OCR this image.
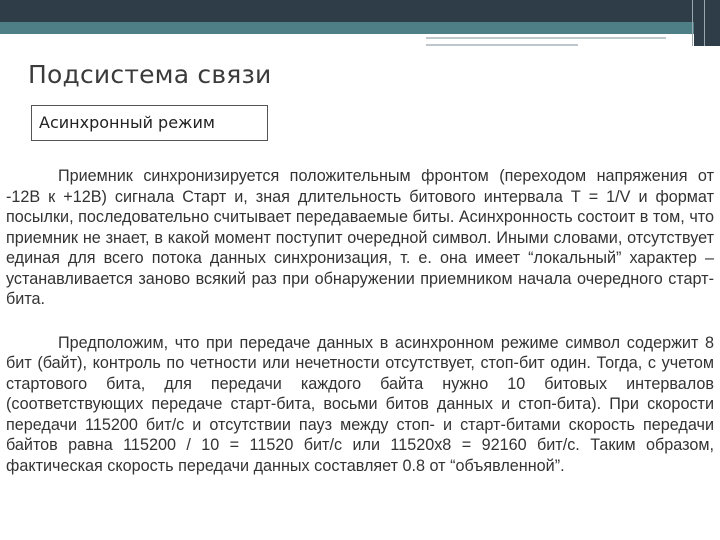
Подсистема связи
Асинхронный режим

Приемник синхронизируется положительным фронтом (переходом напряжения от -12В к +12В) сигнала Старт и, зная длительность битового интервала Т = 1/V и формат посылки, последовательно считывает передаваемые биты. Асинхронность состоит в том, что приемник не знает, в какой момент поступит очередной символ. Иными словами, отсутствует единая для всего потока данных синхронизация, т. е. она имеет “локальный” характер – устанавливается заново всякий раз при обнаружении приемником начала очередного старт-бита.

Предположим, что при передаче данных в асинхронном режиме символ содержит 8 бит (байт), контроль по четности или нечетности отсутствует, стоп-бит один. Тогда, с учетом стартового бита, для передачи каждого байта нужно 10 битовых интервалов (соответствующих передаче старт-бита, восьми битов данных и стоп-бита). При скорости передачи 115200 бит/с и отсутствии пауз между стоп- и старт-битами скорость передачи байтов равна 115200 / 10 = 11520 бит/с или 11520х8 = 92160 бит/с. Таким образом, фактическая скорость передачи данных составляет 0.8 от “объявленной”.
